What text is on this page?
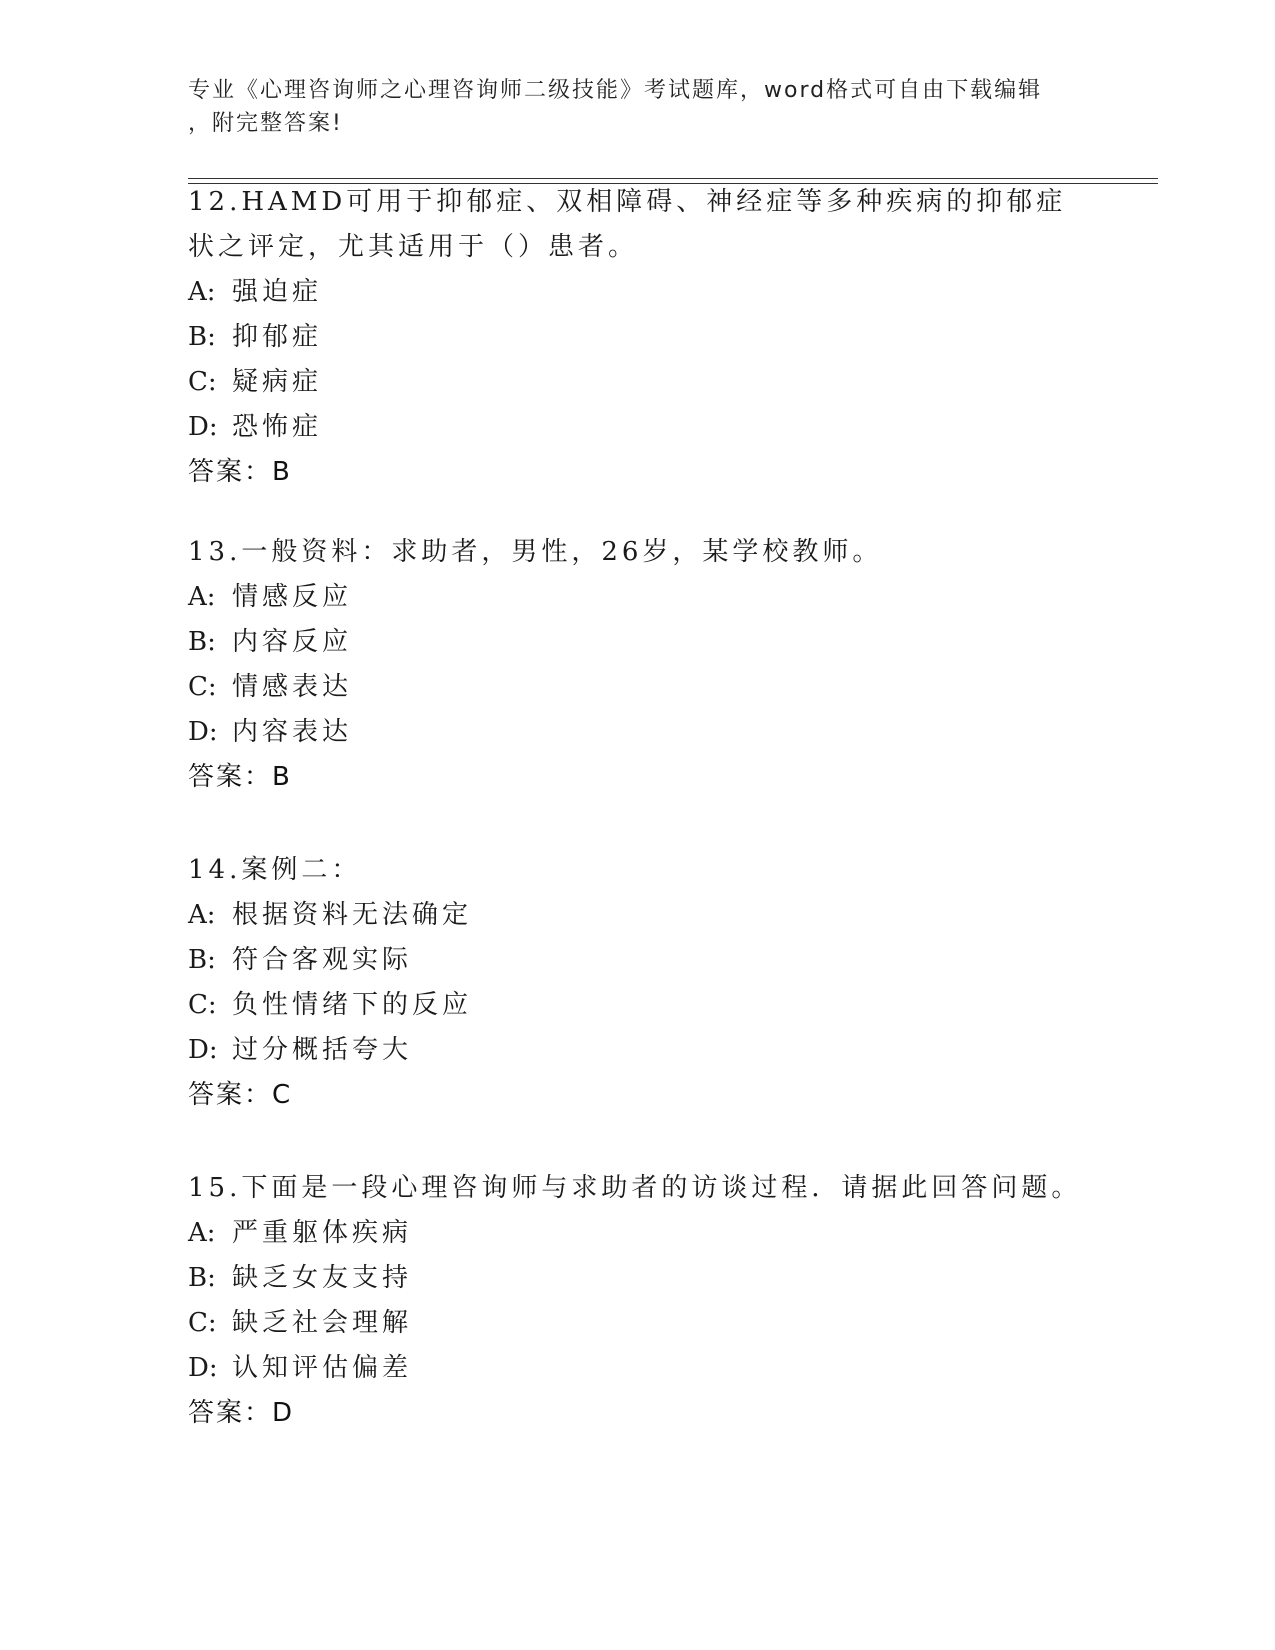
专业《心理咨询师之心理咨询师二级技能》考试题库，word格式可自由下载编辑
，附完整答案!

12.HAMD可用于抑郁症、双相障碍、神经症等多种疾病的抑郁症状之评定，尤其适用于（）患者。

A: 强迫症

B: 抑郁症

C: 疑病症

D: 恐怖症

答案：B

13.一般资料：求助者，男性，26岁，某学校教师。

A: 情感反应

B: 内容反应

C: 情感表达

D: 内容表达

答案：B

14.案例二：

A: 根据资料无法确定

B: 符合客观实际

C: 负性情绪下的反应

D: 过分概括夸大

答案：C

15.下面是一段心理咨询师与求助者的访谈过程．请据此回答问题。

A: 严重躯体疾病

B: 缺乏女友支持

C: 缺乏社会理解

D: 认知评估偏差

答案：D
